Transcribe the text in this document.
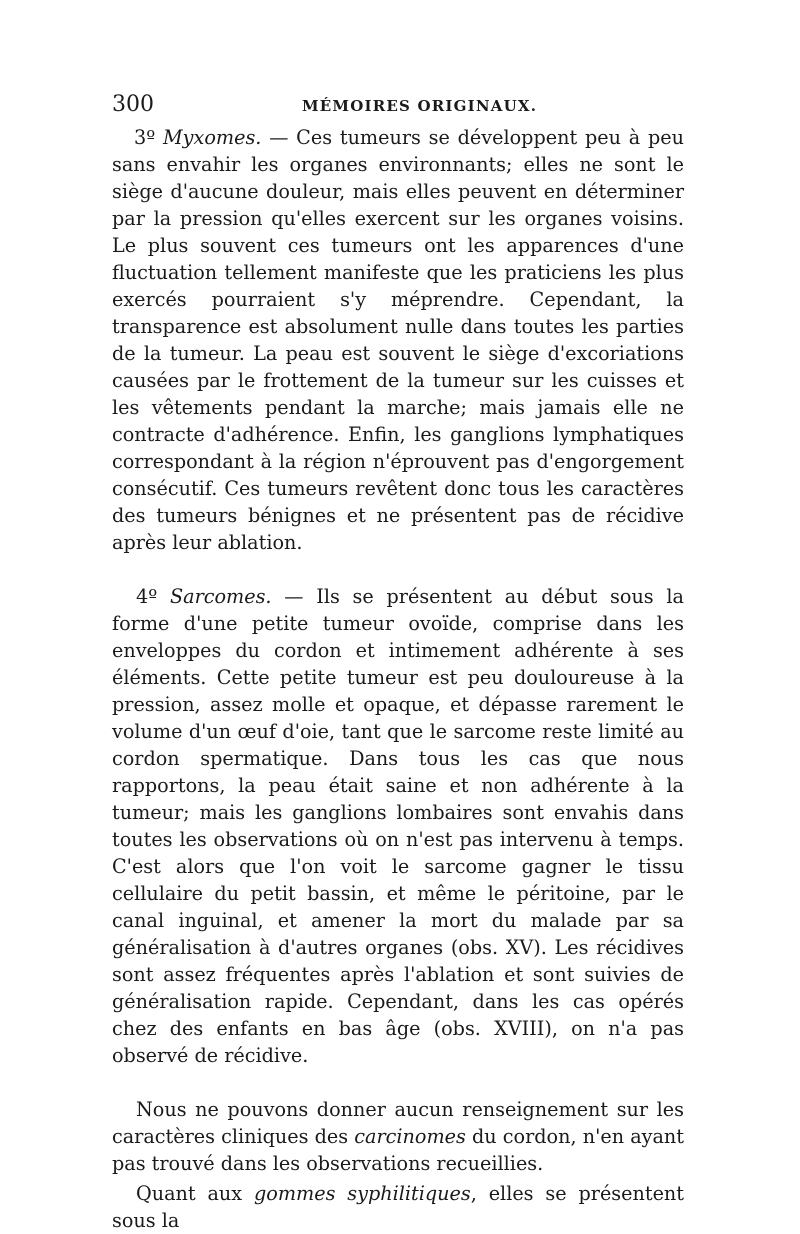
300	MÉMOIRES ORIGINAUX.

3º Myxomes. — Ces tumeurs se développent peu à peu sans envahir les organes environnants; elles ne sont le siège d'aucune douleur, mais elles peuvent en déterminer par la pression qu'elles exercent sur les organes voisins. Le plus souvent ces tumeurs ont les apparences d'une fluctuation tellement manifeste que les praticiens les plus exercés pourraient s'y méprendre. Cependant, la transparence est absolument nulle dans toutes les parties de la tumeur. La peau est souvent le siège d'excoriations causées par le frottement de la tumeur sur les cuisses et les vêtements pendant la marche; mais jamais elle ne contracte d'adhérence. Enfin, les ganglions lymphatiques correspondant à la région n'éprouvent pas d'engorgement consécutif. Ces tumeurs revêtent donc tous les caractères des tumeurs bénignes et ne présentent pas de récidive après leur ablation.

4º Sarcomes. — Ils se présentent au début sous la forme d'une petite tumeur ovoïde, comprise dans les enveloppes du cordon et intimement adhérente à ses éléments. Cette petite tumeur est peu douloureuse à la pression, assez molle et opaque, et dépasse rarement le volume d'un œuf d'oie, tant que le sarcome reste limité au cordon spermatique. Dans tous les cas que nous rapportons, la peau était saine et non adhérente à la tumeur; mais les ganglions lombaires sont envahis dans toutes les observations où on n'est pas intervenu à temps. C'est alors que l'on voit le sarcome gagner le tissu cellulaire du petit bassin, et même le péritoine, par le canal inguinal, et amener la mort du malade par sa généralisation à d'autres organes (obs. XV). Les récidives sont assez fréquentes après l'ablation et sont suivies de généralisation rapide. Cependant, dans les cas opérés chez des enfants en bas âge (obs. XVIII), on n'a pas observé de récidive.

Nous ne pouvons donner aucun renseignement sur les caractères cliniques des carcinomes du cordon, n'en ayant pas trouvé dans les observations recueillies.

Quant aux gommes syphilitiques, elles se présentent sous la
